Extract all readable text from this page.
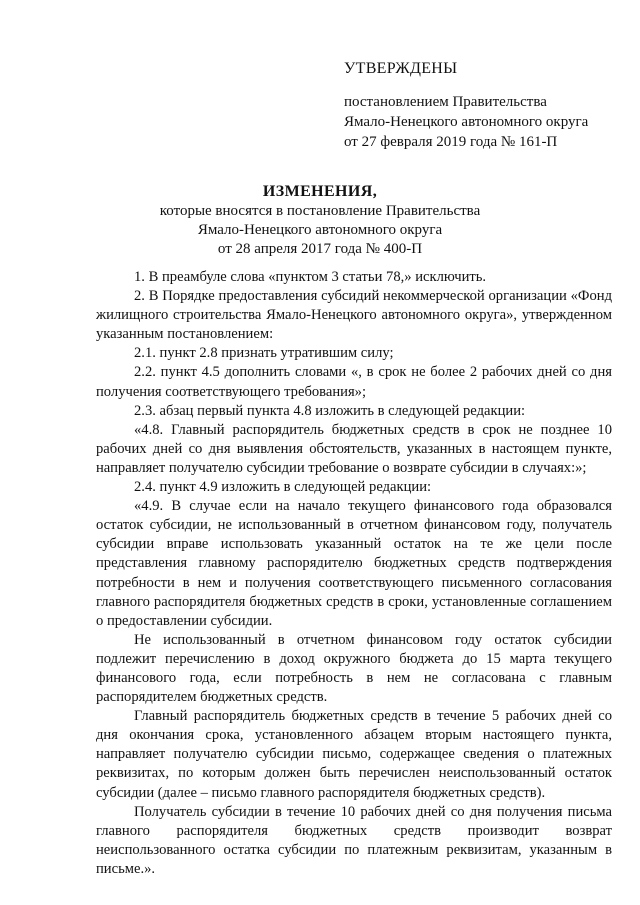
УТВЕРЖДЕНЫ
постановлением Правительства
Ямало-Ненецкого автономного округа
от 27 февраля 2019 года № 161-П
ИЗМЕНЕНИЯ,
которые вносятся в постановление Правительства
Ямало-Ненецкого автономного округа
от 28 апреля 2017 года № 400-П

1. В преамбуле слова «пунктом 3 статьи 78,» исключить.

2. В Порядке предоставления субсидий некоммерческой организации «Фонд жилищного строительства Ямало-Ненецкого автономного округа», утвержденном указанным постановлением:

2.1. пункт 2.8 признать утратившим силу;

2.2. пункт 4.5 дополнить словами «, в срок не более 2 рабочих дней со дня получения соответствующего требования»;

2.3. абзац первый пункта 4.8 изложить в следующей редакции:

«4.8. Главный распорядитель бюджетных средств в срок не позднее 10 рабочих дней со дня выявления обстоятельств, указанных в настоящем пункте, направляет получателю субсидии требование о возврате субсидии в случаях:»;

2.4. пункт 4.9 изложить в следующей редакции:

«4.9. В случае если на начало текущего финансового года образовался остаток субсидии, не использованный в отчетном финансовом году, получатель субсидии вправе использовать указанный остаток на те же цели после представления главному распорядителю бюджетных средств подтверждения потребности в нем и получения соответствующего письменного согласования главного распорядителя бюджетных средств в сроки, установленные соглашением о предоставлении субсидии.

Не использованный в отчетном финансовом году остаток субсидии подлежит перечислению в доход окружного бюджета до 15 марта текущего финансового года, если потребность в нем не согласована с главным распорядителем бюджетных средств.

Главный распорядитель бюджетных средств в течение 5 рабочих дней со дня окончания срока, установленного абзацем вторым настоящего пункта, направляет получателю субсидии письмо, содержащее сведения о платежных реквизитах, по которым должен быть перечислен неиспользованный остаток субсидии (далее – письмо главного распорядителя бюджетных средств).

Получатель субсидии в течение 10 рабочих дней со дня получения письма главного распорядителя бюджетных средств производит возврат неиспользованного остатка субсидии по платежным реквизитам, указанным в письме.».
